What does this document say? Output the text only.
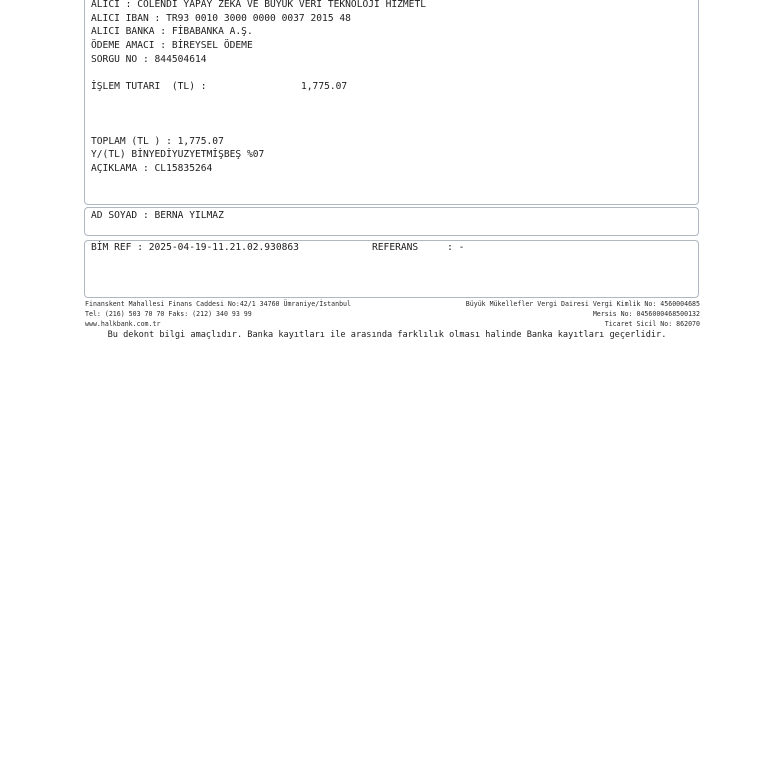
ALICI : COLENDİ YAPAY ZEKA VE BÜYÜK VERİ TEKNOLOJİ HİZMETL

ALICI IBAN : TR93 0010 3000 0000 0037 2015 48

ALICI BANKA : FİBABANKA A.Ş.

ÖDEME AMACI : BİREYSEL ÖDEME

SORGU NO : 844504614

İŞLEM TUTARI  (TL) :	1,775.07

TOPLAM (TL ) : 1,775.07

Y/(TL) BİNYEDİYUZYETMİŞBEŞ %07

AÇIKLAMA : CL15835264

AD SOYAD : BERNA YILMAZ

BİM REF : 2025-04-19-11.21.02.930863	REFERANS     : -
Finanskent Mahallesi Finans Caddesi No:42/1 34760 Ümraniye/İstanbul
Tel: (216) 503 70 70 Faks: (212) 340 93 99
www.halkbank.com.tr
Büyük Mükellefler Vergi Dairesi Vergi Kimlik No: 4560004685
Mersis No: 0456000468500132
Ticaret Sicil No: 862070
Bu dekont bilgi amaçlıdır. Banka kayıtları ile arasında farklılık olması halinde Banka kayıtları geçerlidir.
